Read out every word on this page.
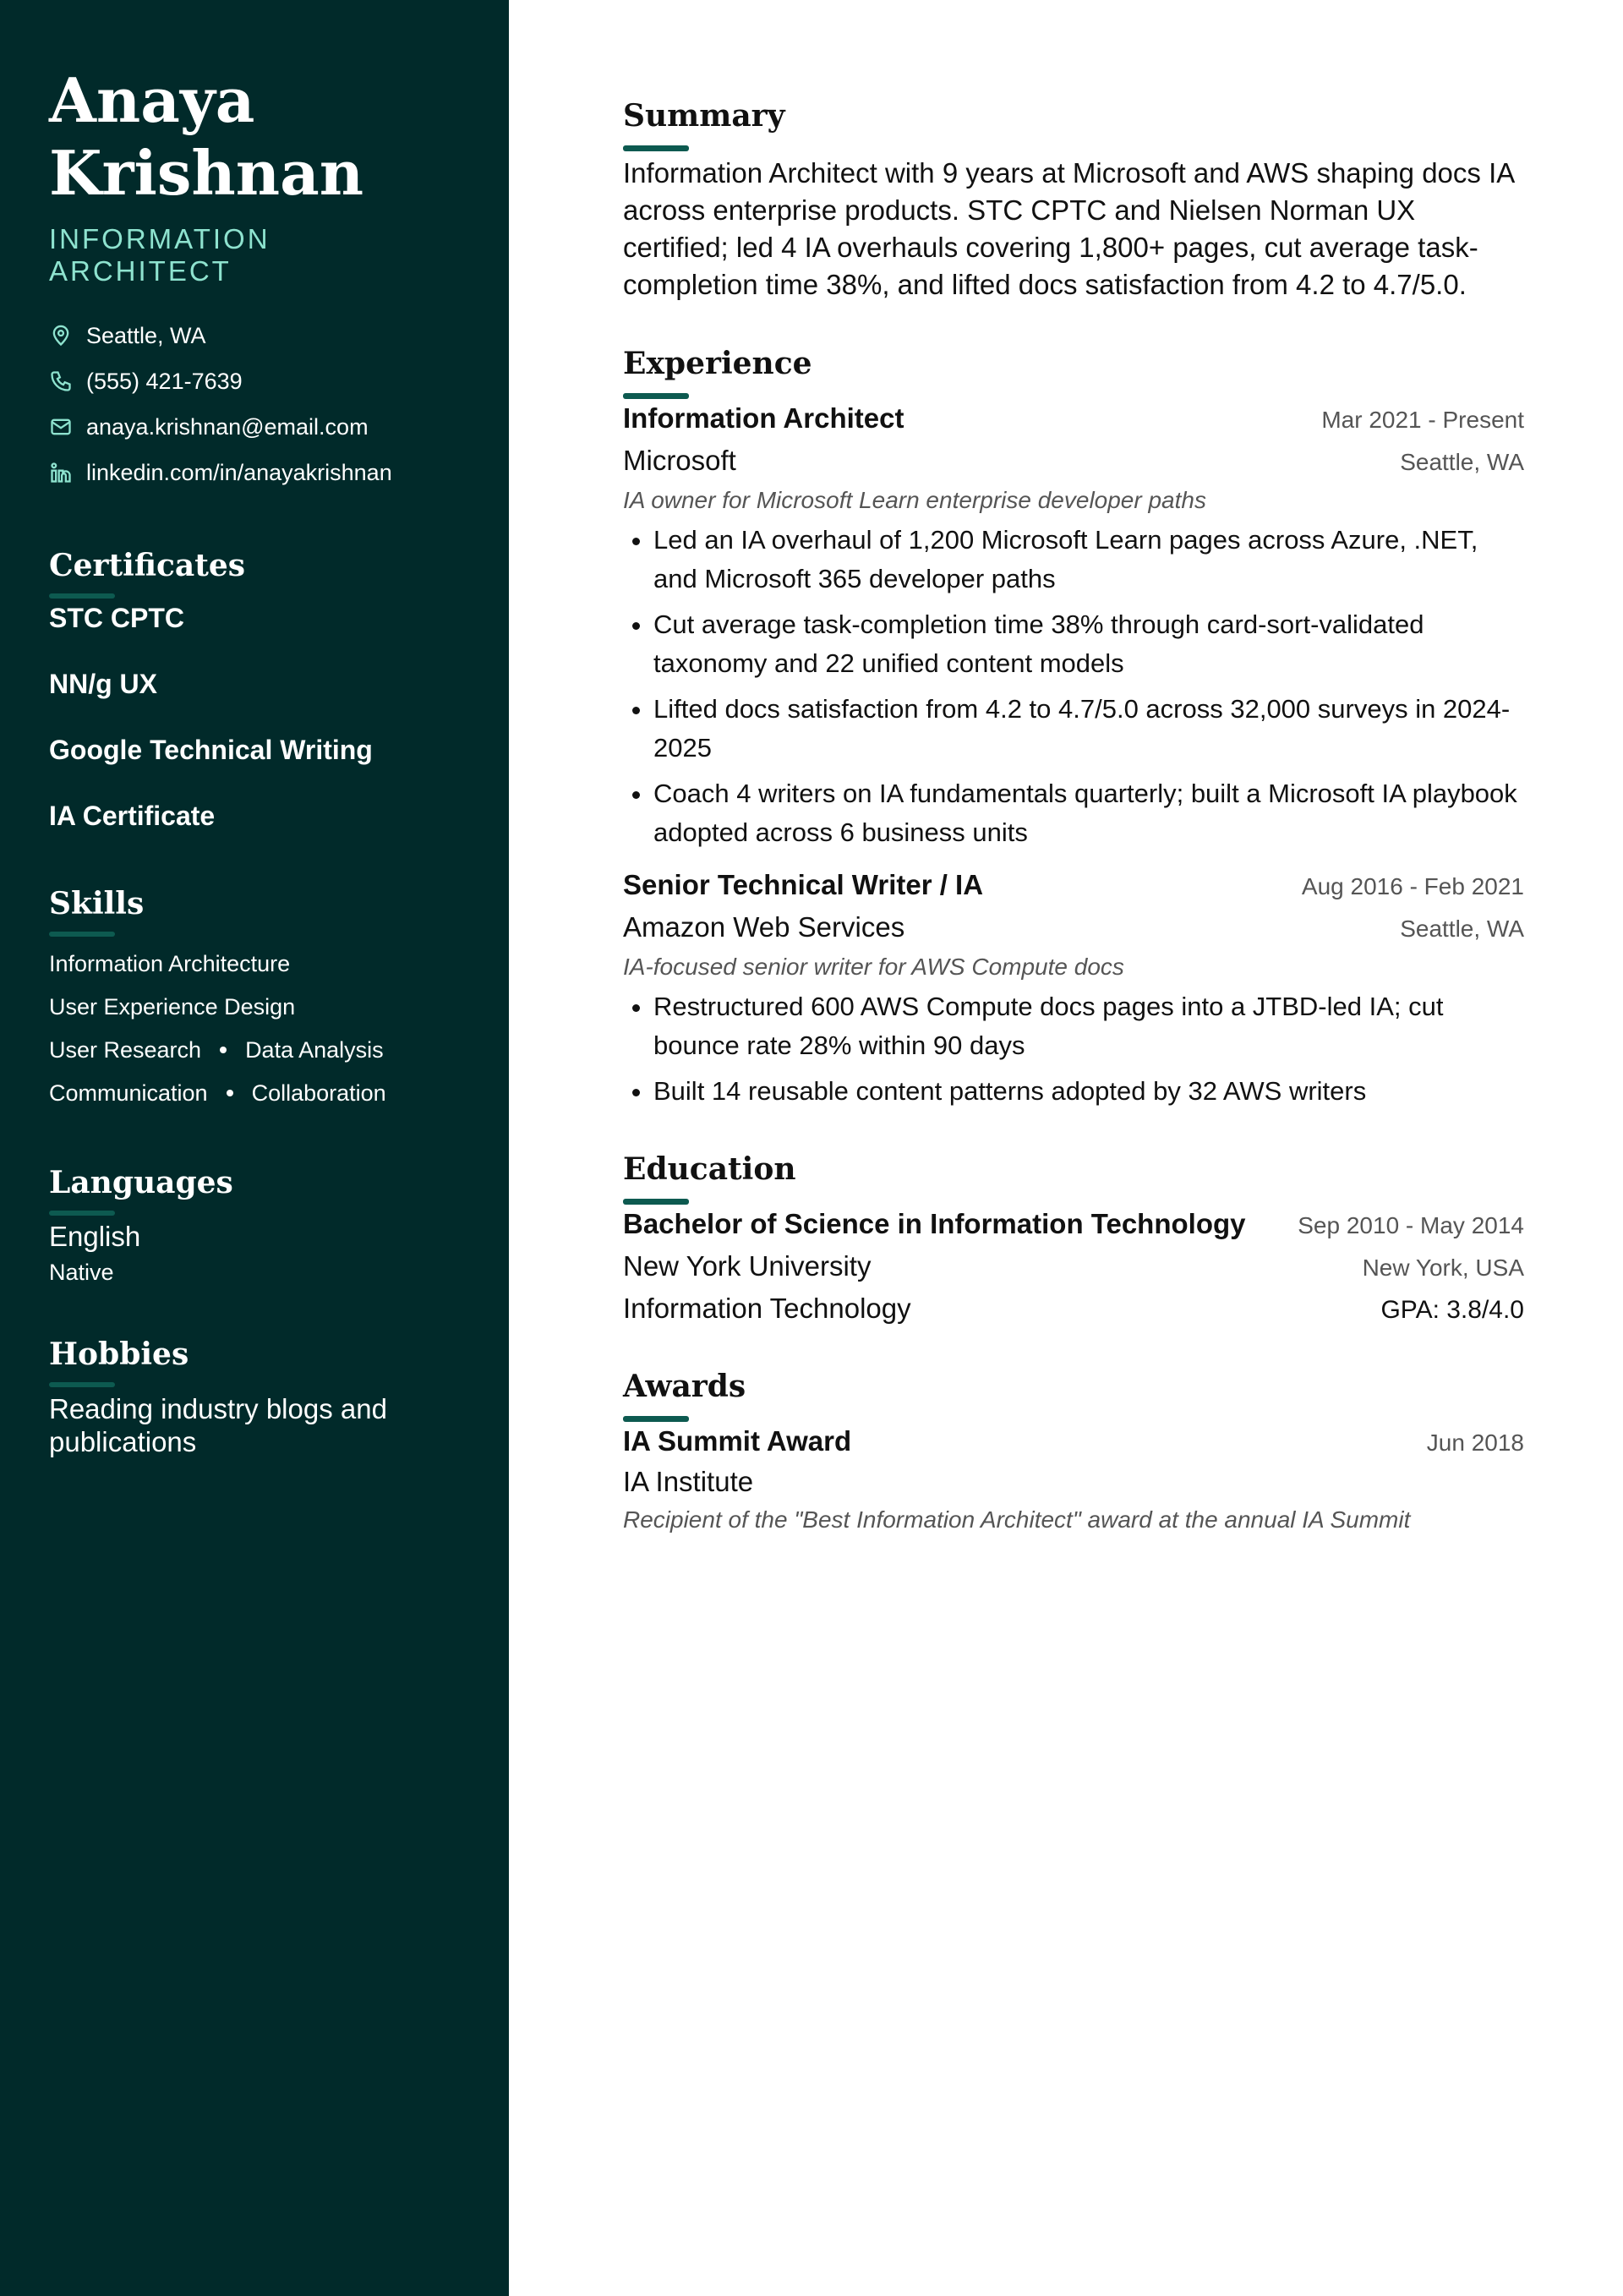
Anaya
Krishnan
INFORMATION ARCHITECT
Seattle, WA
(555) 421-7639
anaya.krishnan@email.com
linkedin.com/in/anayakrishnan
Certificates
STC CPTC
NN/g UX
Google Technical Writing
IA Certificate
Skills
Information Architecture
User Experience Design
User Research Data Analysis
Communication Collaboration
Languages
English
Native
Hobbies
Reading industry blogs and publications
Summary
Information Architect with 9 years at Microsoft and AWS shaping docs IA across enterprise products. STC CPTC and Nielsen Norman UX certified; led 4 IA overhauls covering 1,800+ pages, cut average task-completion time 38%, and lifted docs satisfaction from 4.2 to 4.7/5.0.
Experience
Information Architect	Mar 2021 - Present
Microsoft	Seattle, WA
IA owner for Microsoft Learn enterprise developer paths
• Led an IA overhaul of 1,200 Microsoft Learn pages across Azure, .NET, and Microsoft 365 developer paths
• Cut average task-completion time 38% through card-sort-validated taxonomy and 22 unified content models
• Lifted docs satisfaction from 4.2 to 4.7/5.0 across 32,000 surveys in 2024-2025
• Coach 4 writers on IA fundamentals quarterly; built a Microsoft IA playbook adopted across 6 business units
Senior Technical Writer / IA	Aug 2016 - Feb 2021
Amazon Web Services	Seattle, WA
IA-focused senior writer for AWS Compute docs
• Restructured 600 AWS Compute docs pages into a JTBD-led IA; cut bounce rate 28% within 90 days
• Built 14 reusable content patterns adopted by 32 AWS writers
Education
Bachelor of Science in Information Technology Sep 2010 - May 2014
New York University	New York, USA
Information Technology	GPA: 3.8/4.0
Awards
IA Summit Award	Jun 2018
IA Institute
Recipient of the "Best Information Architect" award at the annual IA Summit
